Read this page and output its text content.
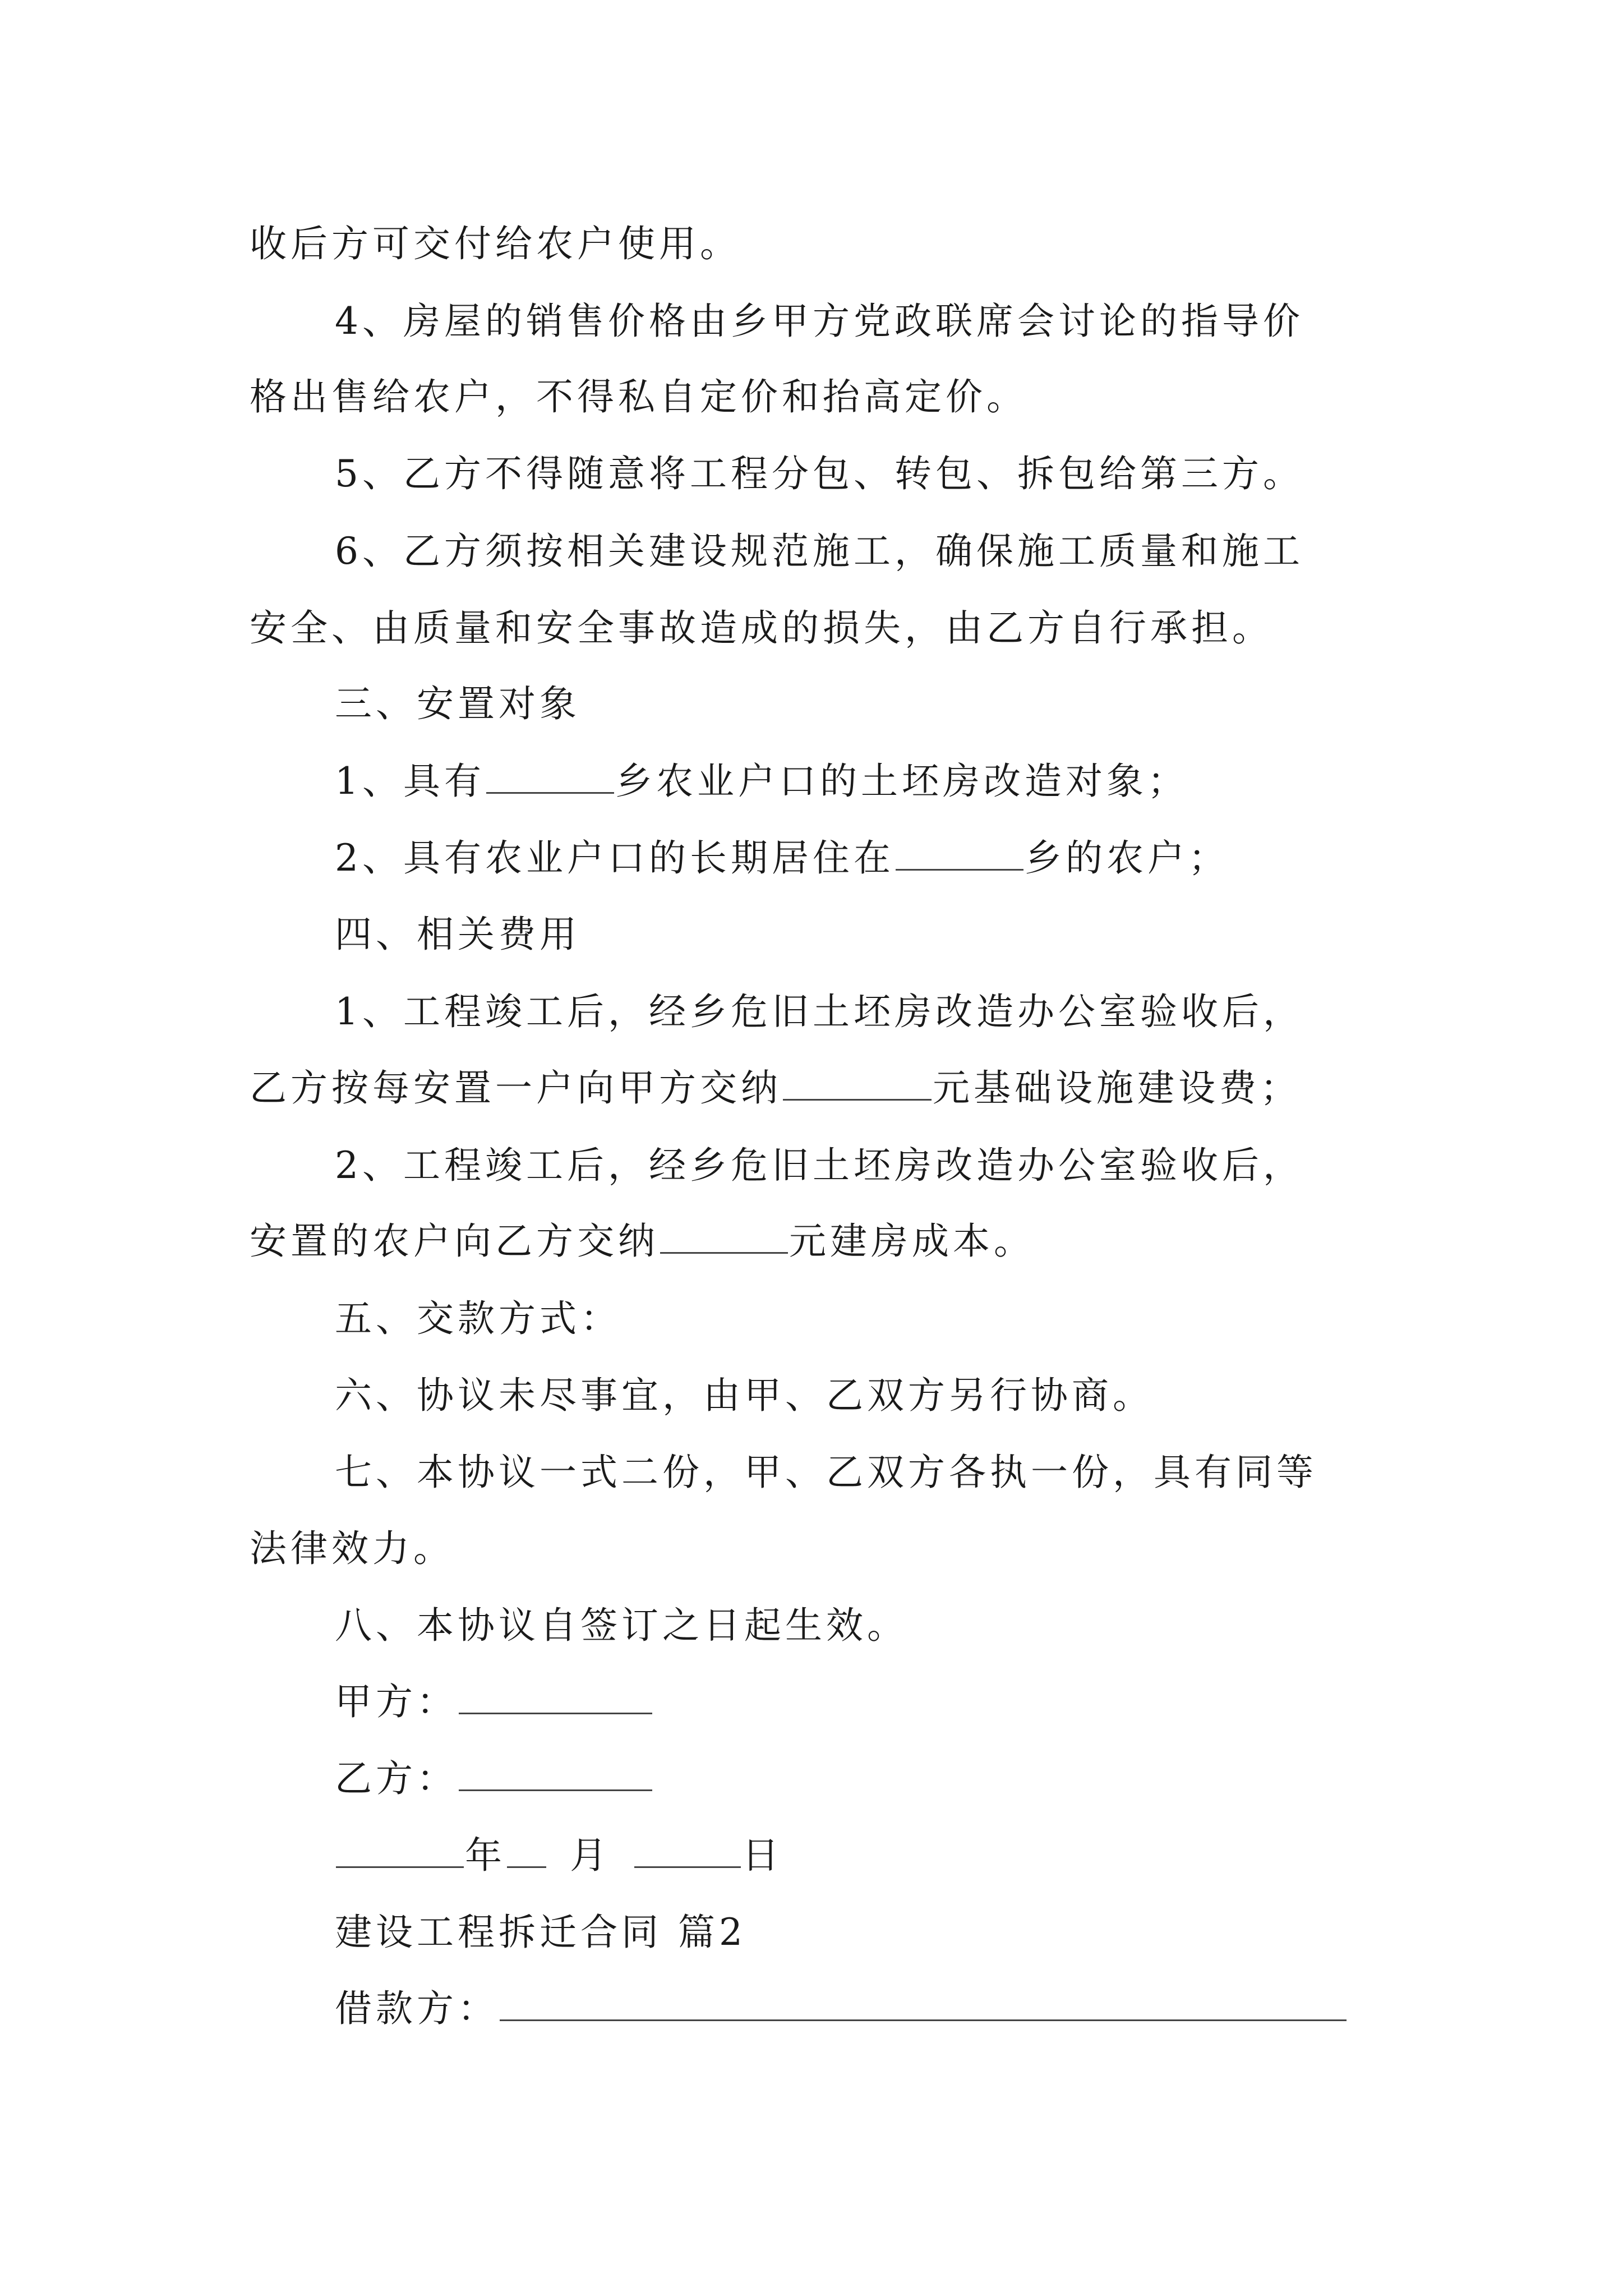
收后方可交付给农户使用。
4、房屋的销售价格由乡甲方党政联席会讨论的指导价
格出售给农户，不得私自定价和抬高定价。
5、乙方不得随意将工程分包、转包、拆包给第三方。
6、乙方须按相关建设规范施工，确保施工质量和施工
安全、由质量和安全事故造成的损失，由乙方自行承担。
三、安置对象
1、具有	乡农业户口的土坯房改造对象；
2、具有农业户口的长期居住在	乡的农户；
四、相关费用
1、工程竣工后，经乡危旧土坯房改造办公室验收后，
乙方按每安置一户向甲方交纳	元基础设施建设费；
2、工程竣工后，经乡危旧土坯房改造办公室验收后，
安置的农户向乙方交纳	元建房成本。
五、交款方式：
六、协议未尽事宜，由甲、乙双方另行协商。
七、本协议一式二份，甲、乙双方各执一份，具有同等
法律效力。
八、本协议自签订之日起生效。
甲方：
乙方：
年 月	日
建设工程拆迁合同 篇2
借款方：
